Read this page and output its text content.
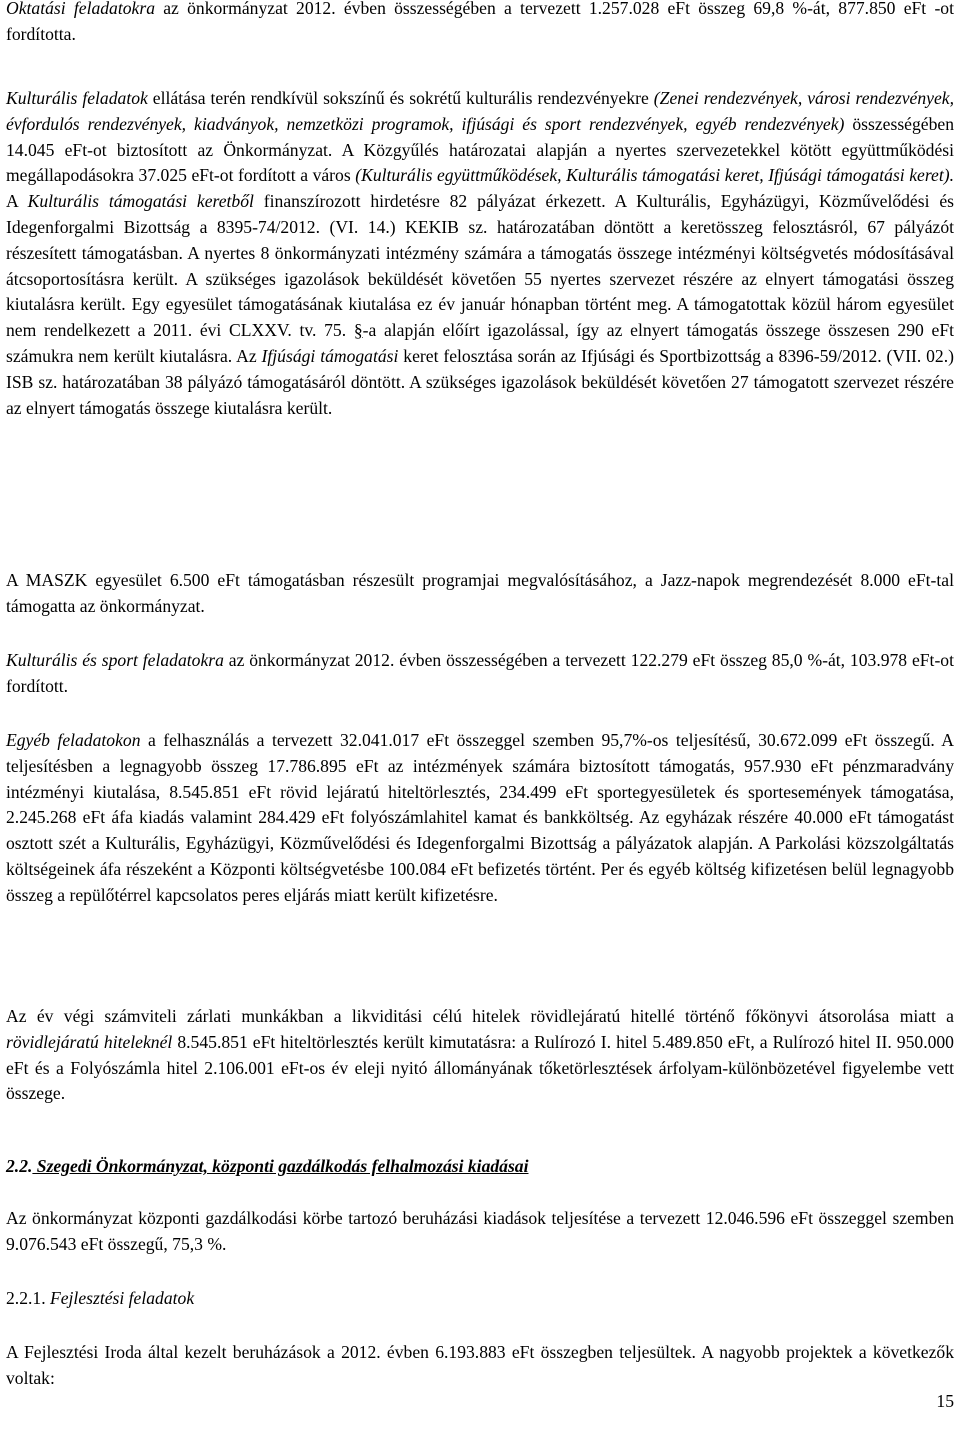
Oktatási feladatokra az önkormányzat 2012. évben összességében a tervezett 1.257.028 eFt összeg 69,8 %-át, 877.850 eFt -ot fordította.

Kulturális feladatok ellátása terén rendkívül sokszínű és sokrétű kulturális rendezvényekre (Zenei rendezvények, városi rendezvények, évfordulós rendezvények, kiadványok, nemzetközi programok, ifjúsági és sport rendezvények, egyéb rendezvények) összességében 14.045 eFt-ot biztosított az Önkormányzat. A Közgyűlés határozatai alapján a nyertes szervezetekkel kötött együttműködési megállapodásokra 37.025 eFt-ot fordított a város (Kulturális együttműködések, Kulturális támogatási keret, Ifjúsági támogatási keret). A Kulturális támogatási keretből finanszírozott hirdetésre 82 pályázat érkezett. A Kulturális, Egyházügyi, Közművelődési és Idegenforgalmi Bizottság a 8395-74/2012. (VI. 14.) KEKIB sz. határozatában döntött a keretösszeg felosztásról, 67 pályázót részesített támogatásban. A nyertes 8 önkormányzati intézmény számára a támogatás összege intézményi költségvetés módosításával átcsoportosításra került. A szükséges igazolások beküldését követően 55 nyertes szervezet részére az elnyert támogatási összeg kiutalásra került. Egy egyesület támogatásának kiutalása ez év január hónapban történt meg. A támogatottak közül három egyesület nem rendelkezett a 2011. évi CLXXV. tv. 75. §-a alapján előírt igazolással, így az elnyert támogatás összege összesen 290 eFt számukra nem került kiutalásra. Az Ifjúsági támogatási keret felosztása során az Ifjúsági és Sportbizottság a 8396-59/2012. (VII. 02.) ISB sz. határozatában 38 pályázó támogatásáról döntött. A szükséges igazolások beküldését követően 27 támogatott szervezet részére az elnyert támogatás összege kiutalásra került.

A MASZK egyesület 6.500 eFt támogatásban részesült programjai megvalósításához, a Jazz-napok megrendezését 8.000 eFt-tal támogatta az önkormányzat.

Kulturális és sport feladatokra az önkormányzat 2012. évben összességében a tervezett 122.279 eFt összeg 85,0 %-át, 103.978 eFt-ot fordított.

Egyéb feladatokon a felhasználás a tervezett 32.041.017 eFt összeggel szemben 95,7%-os teljesítésű, 30.672.099 eFt összegű. A teljesítésben a legnagyobb összeg 17.786.895 eFt az intézmények számára biztosított támogatás, 957.930 eFt pénzmaradvány intézményi kiutalása, 8.545.851 eFt rövid lejáratú hiteltörlesztés, 234.499 eFt sportegyesületek és sportesemények támogatása, 2.245.268 eFt áfa kiadás valamint 284.429 eFt folyószámlahitel kamat és bankköltség. Az egyházak részére 40.000 eFt támogatást osztott szét a Kulturális, Egyházügyi, Közművelődési és Idegenforgalmi Bizottság a pályázatok alapján. A Parkolási közszolgáltatás költségeinek áfa részeként a Központi költségvetésbe 100.084 eFt befizetés történt. Per és egyéb költség kifizetésen belül legnagyobb összeg a repülőtérrel kapcsolatos peres eljárás miatt került kifizetésre.

Az év végi számviteli zárlati munkákban a likviditási célú hitelek rövidlejáratú hitellé történő főkönyvi átsorolása miatt a rövidlejáratú hiteleknél 8.545.851 eFt hiteltörlesztés került kimutatásra: a Rulírozó I. hitel 5.489.850 eFt, a Rulírozó hitel II. 950.000 eFt és a Folyószámla hitel 2.106.001 eFt-os év eleji nyitó állományának tőketörlesztések árfolyam-különbözetével figyelembe vett összege.

2.2. Szegedi Önkormányzat, központi gazdálkodás felhalmozási kiadásai

Az önkormányzat központi gazdálkodási körbe tartozó beruházási kiadások teljesítése a tervezett 12.046.596 eFt összeggel szemben 9.076.543 eFt összegű, 75,3 %.

2.2.1. Fejlesztési feladatok

A Fejlesztési Iroda által kezelt beruházások a 2012. évben 6.193.883 eFt összegben teljesültek. A nagyobb projektek a következők voltak:

15
